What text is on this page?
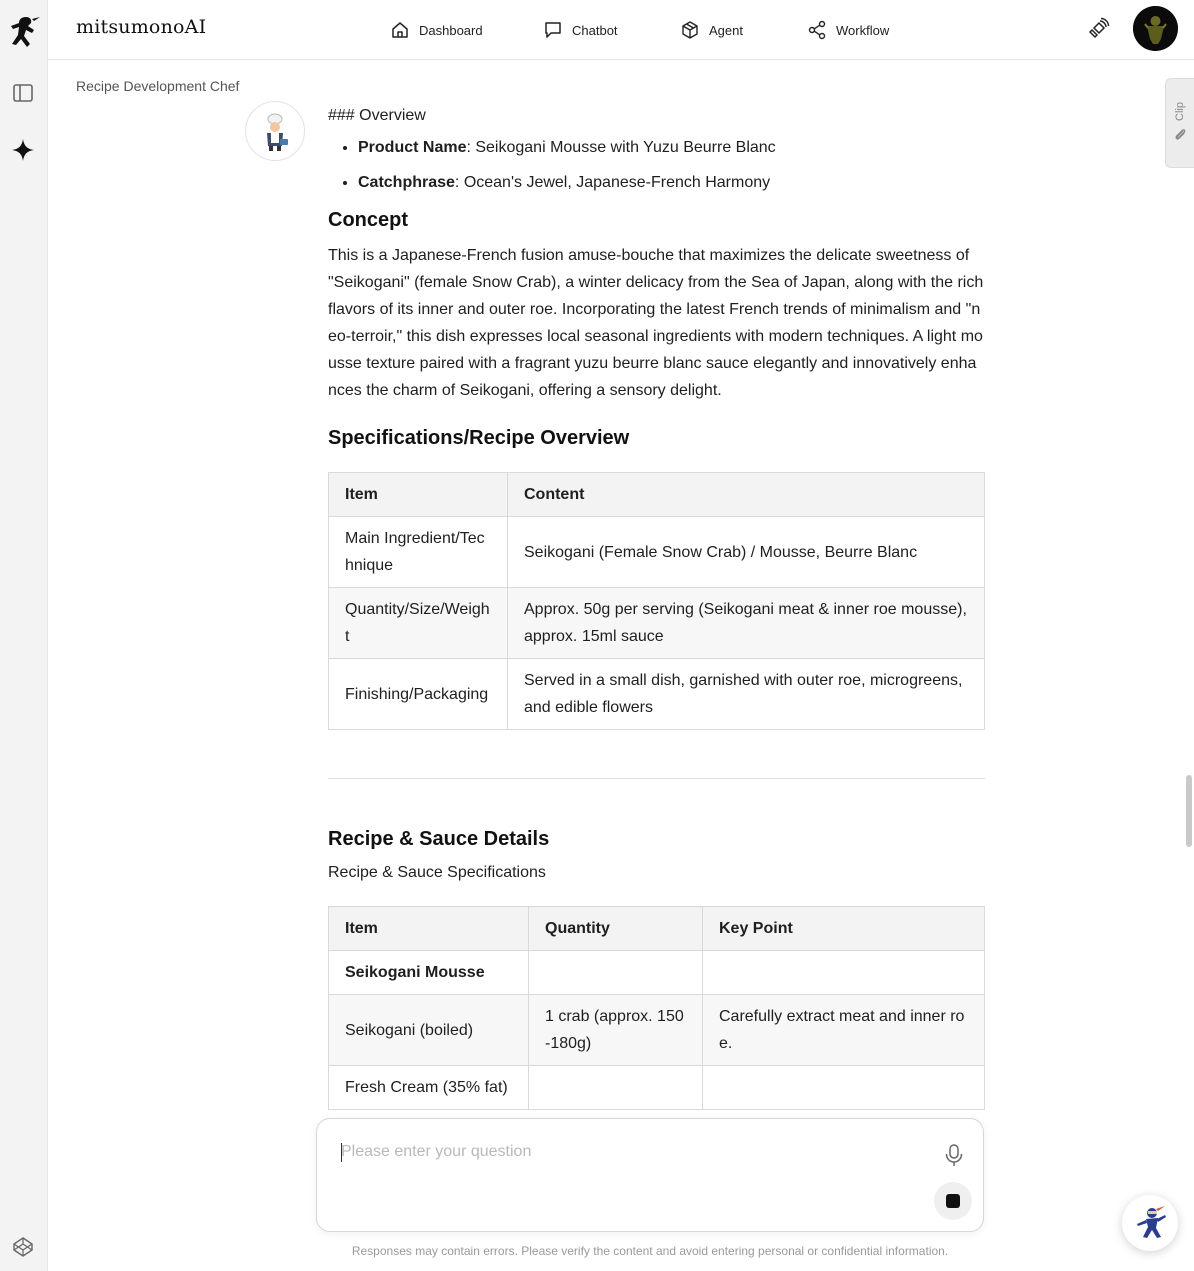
mitsumonoAI	Dashboard	Chatbot	Agent	Workflow
Recipe Development Chef
Clip

### Overview

• Product Name: Seikogani Mousse with Yuzu Beurre Blanc
• Catchphrase: Ocean's Jewel, Japanese-French Harmony
Concept

This is a Japanese-French fusion amuse-bouche that maximizes the delicate sweetness of "Seikogani" (female Snow Crab), a winter delicacy from the Sea of Japan, along with the rich flavors of its inner and outer roe. Incorporating the latest French trends of minimalism and "neo-terroir," this dish expresses local seasonal ingredients with modern techniques. A light mousse texture paired with a fragrant yuzu beurre blanc sauce elegantly and innovatively enhances the charm of Seikogani, offering a sensory delight.

Specifications/Recipe Overview
Item	Content
Main Ingredient/Technique	Seikogani (Female Snow Crab) / Mousse, Beurre Blanc
Quantity/Size/Weight	Approx. 50g per serving (Seikogani meat & inner roe mousse), approx. 15ml sauce
Finishing/Packaging	Served in a small dish, garnished with outer roe, microgreens, and edible flowers
Recipe & Sauce Details

Recipe & Sauce Specifications

Item	Quantity	Key Point
Seikogani Mousse		
Seikogani (boiled)	1 crab (approx. 150-180g)	Carefully extract meat and inner roe.
Fresh Cream (35% fat)		
Please enter your question
Responses may contain errors. Please verify the content and avoid entering personal or confidential information.
